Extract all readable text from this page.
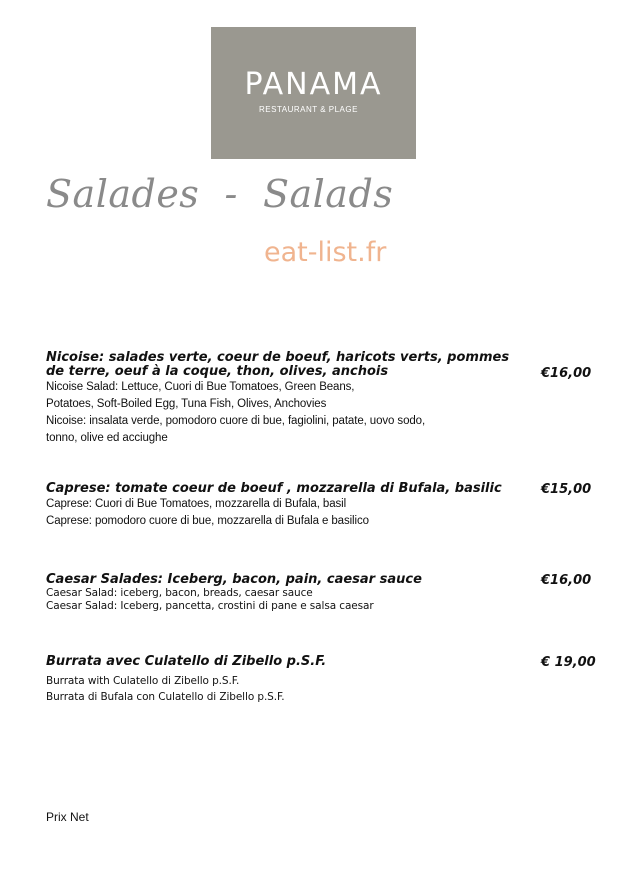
PANAMA
RESTAURANT & PLAGE
Salades  -  Salads
eat-list.fr
Nicoise: salades verte, coeur de boeuf, haricots verts, pommes de terre, oeuf à la coque, thon, olives, anchois	€16,00
Nicoise Salad: Lettuce, Cuori di Bue Tomatoes, Green Beans,
Potatoes, Soft-Boiled Egg, Tuna Fish, Olives, Anchovies
Nicoise: insalata verde, pomodoro cuore di bue, fagiolini, patate, uovo sodo,
tonno, olive ed acciughe
Caprese: tomate coeur de boeuf , mozzarella di Bufala, basilic	€15,00
Caprese: Cuori di Bue Tomatoes, mozzarella di Bufala, basil
Caprese: pomodoro cuore di bue, mozzarella di Bufala e basilico
Caesar Salades: Iceberg, bacon, pain, caesar sauce	€16,00
Caesar Salad: iceberg, bacon, breads, caesar sauce
Caesar Salad: Iceberg, pancetta, crostini di pane e salsa caesar
Burrata avec Culatello di Zibello p.S.F.	€ 19,00
Burrata with Culatello di Zibello p.S.F.
Burrata di Bufala con Culatello di Zibello p.S.F.
Prix Net
